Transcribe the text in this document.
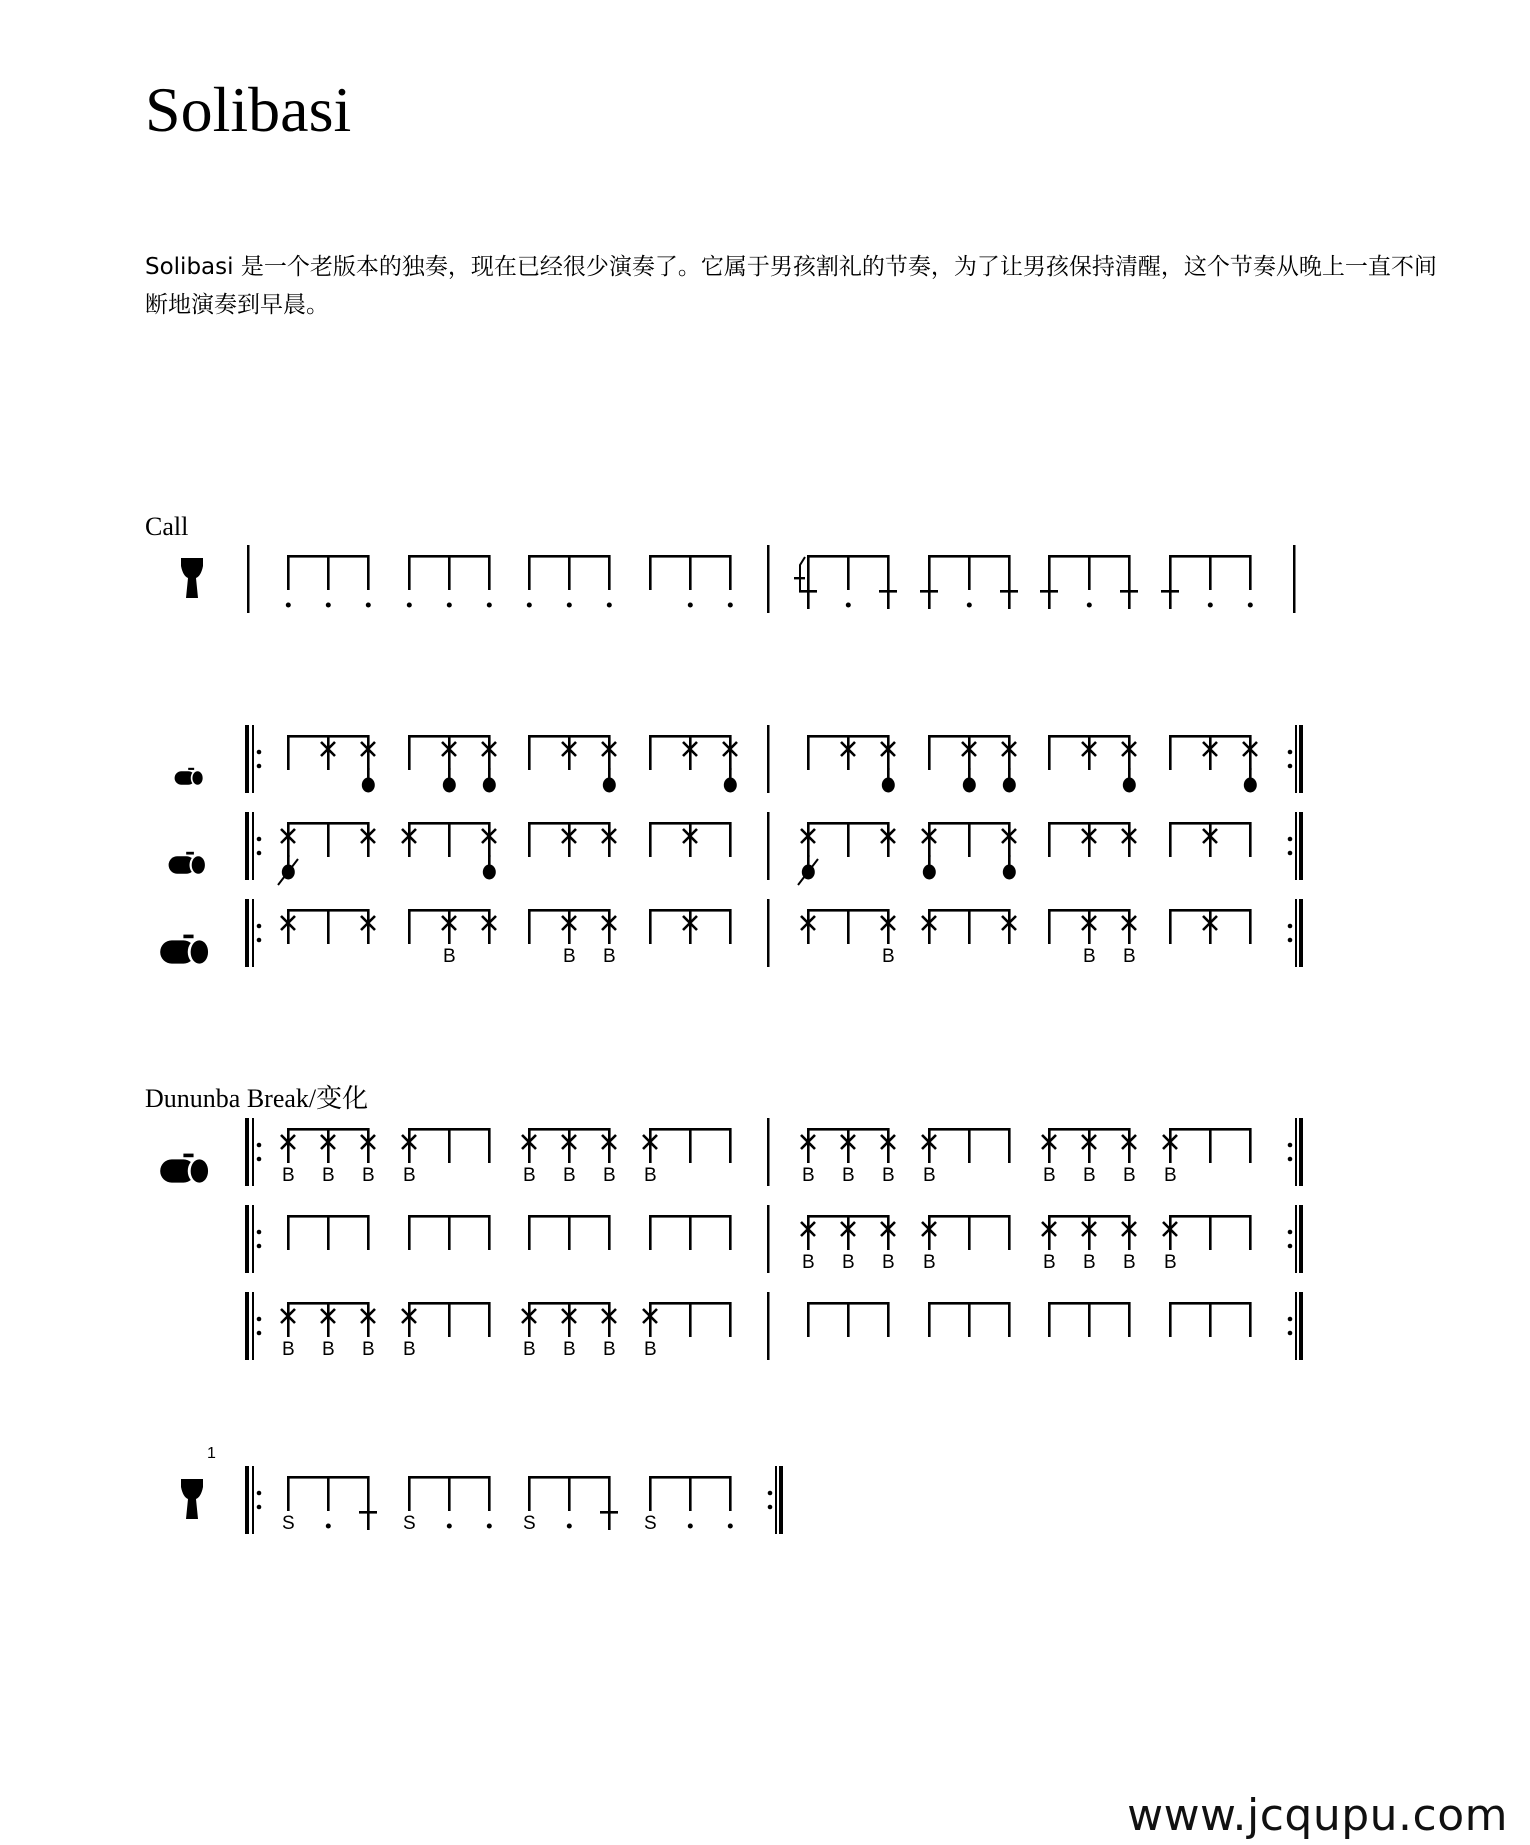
Solibasi

Solibasi 是一个老版本的独奏，现在已经很少演奏了。它属于男孩割礼的节奏，为了让男孩保持清醒，这个节奏从晚上一直不间断地演奏到早晨。

Call
Dununba Break/变化
B	B B	B	B B
B B B B	B B B B	B B B B	B B B B
B B B B	B B B B
B B B B	B B B B
1
S	S	S	S
www.jcqupu.com
